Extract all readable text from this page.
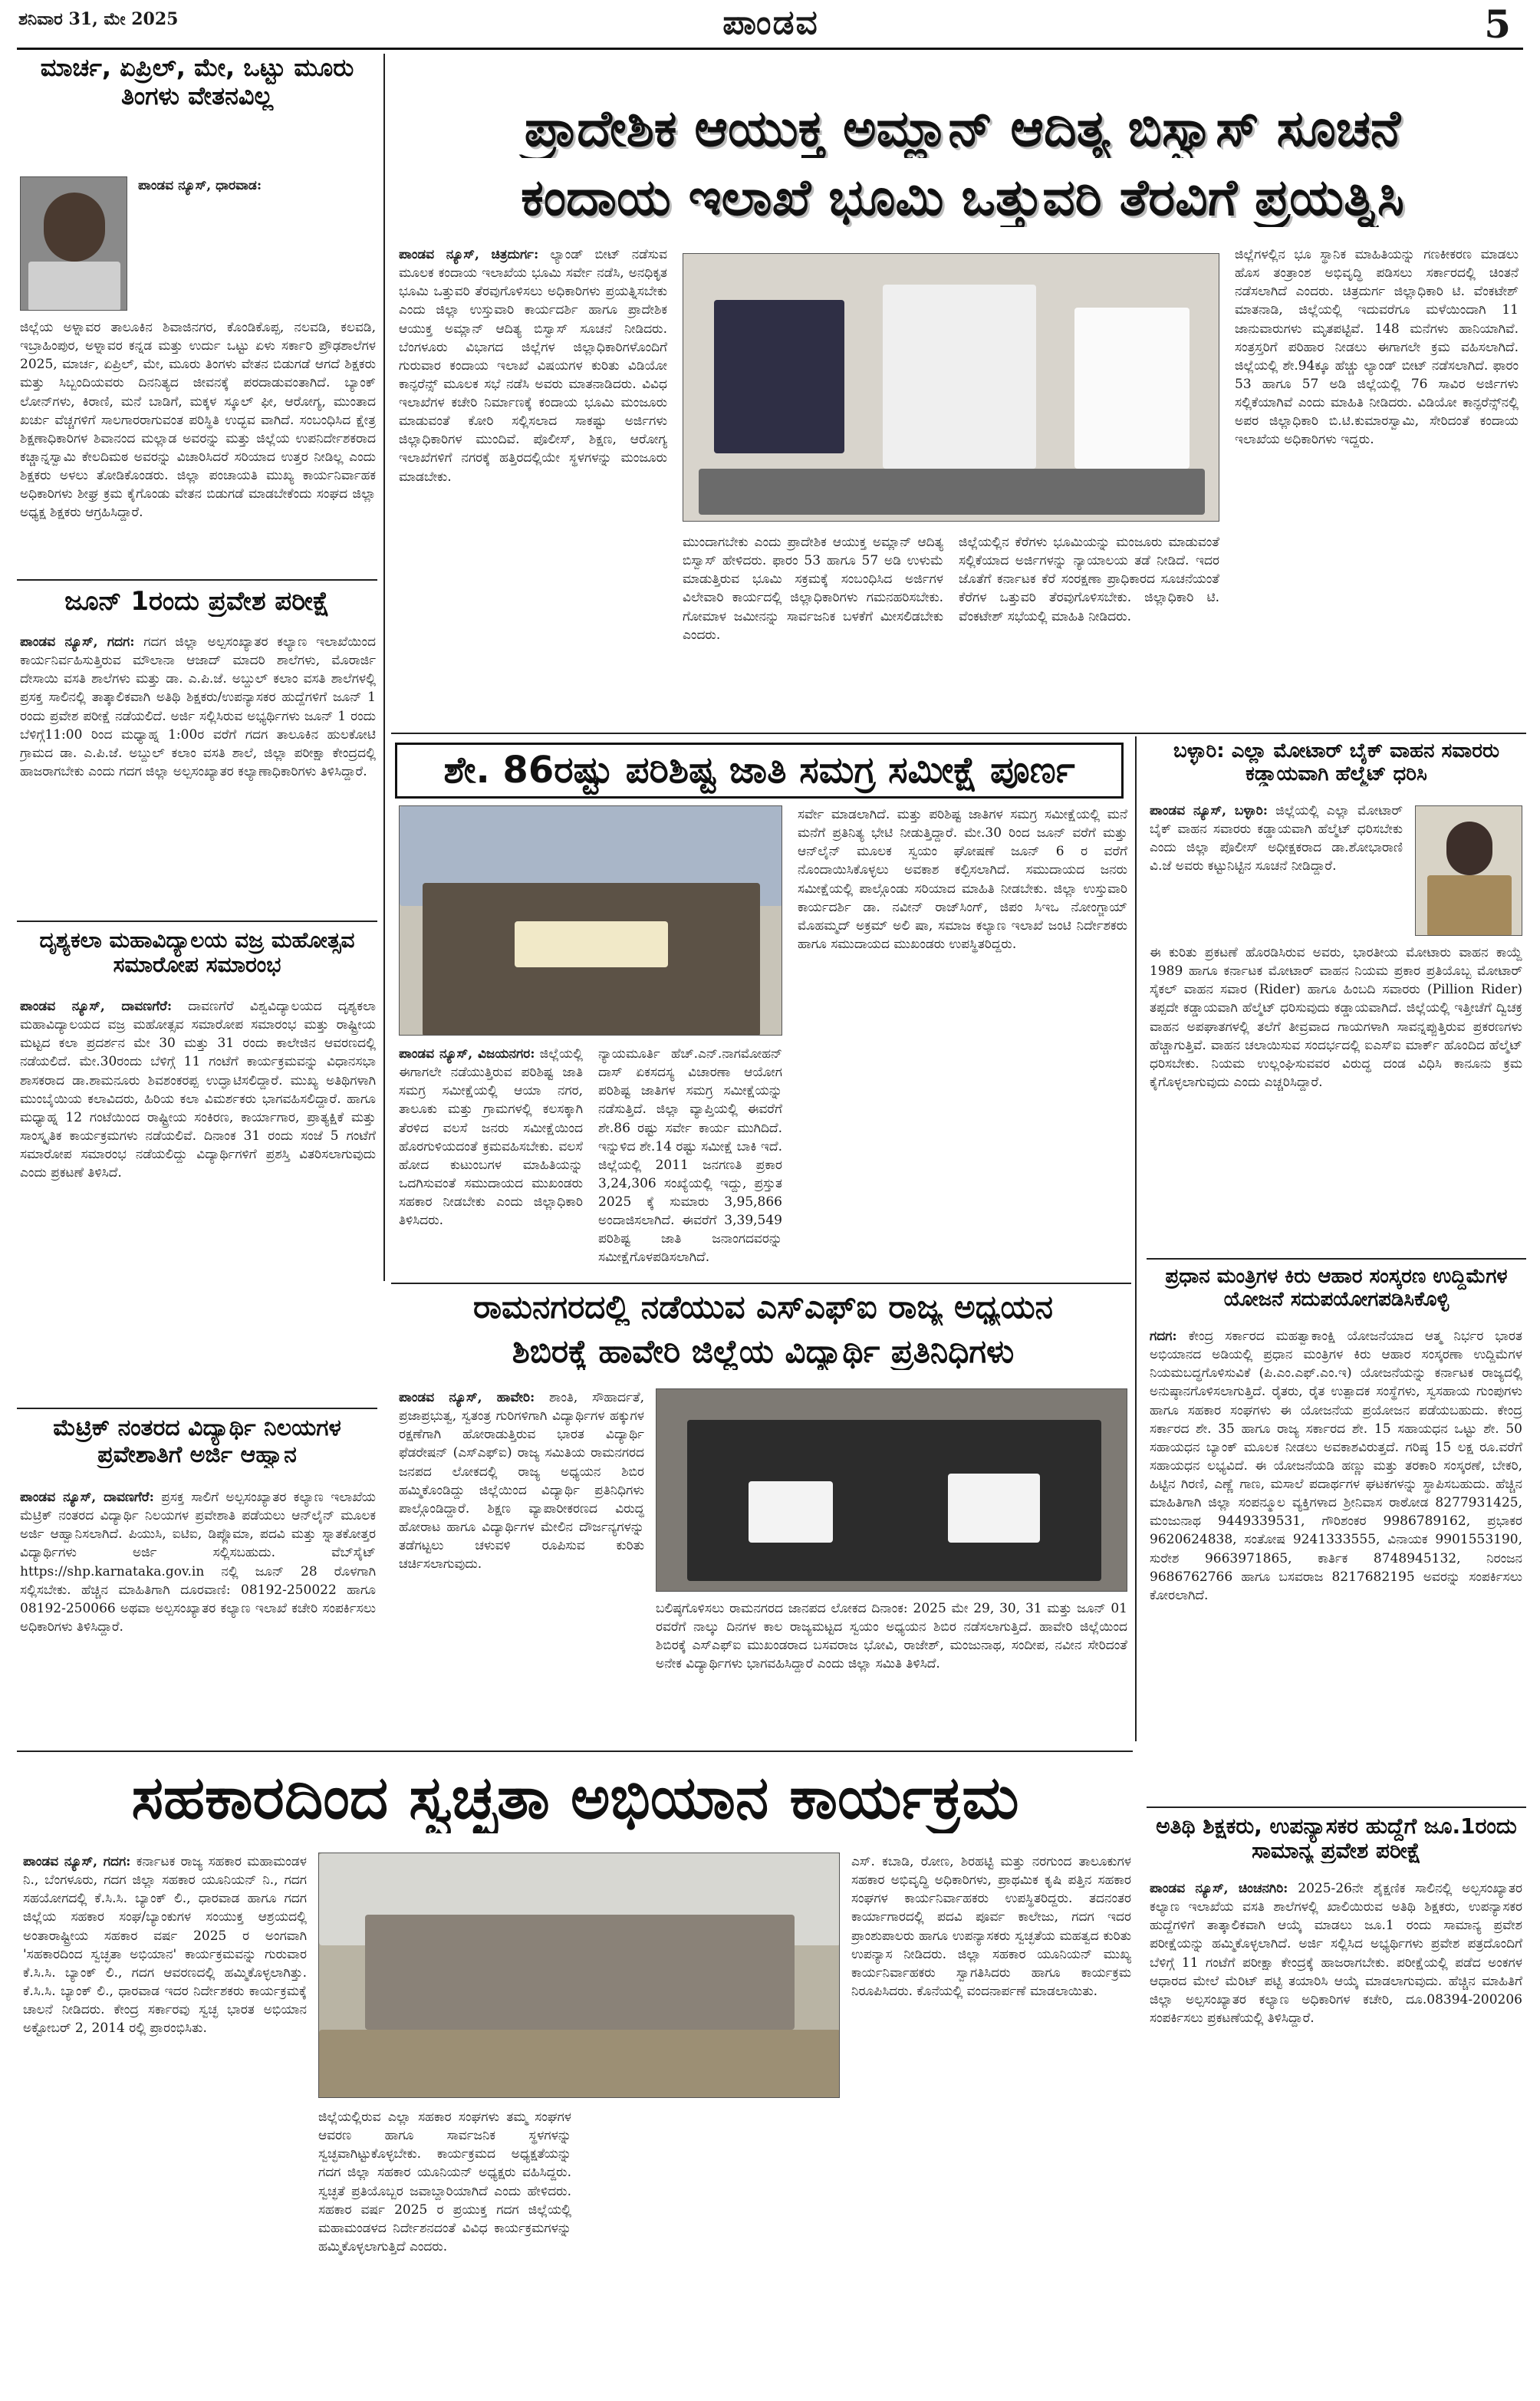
ಶನಿವಾರ 31, ಮೇ 2025	ಪಾಂಡವ	5
ಮಾರ್ಚ, ಏಪ್ರಿಲ್, ಮೇ, ಒಟ್ಟು ಮೂರು ತಿಂಗಳು ವೇತನವಿಲ್ಲ
ಪಾಂಡವ ನ್ಯೂಸ್, ಧಾರವಾಡ:
ಜಿಲ್ಲೆಯ ಅಳ್ನಾವರ ತಾಲೂಕಿನ ಶಿವಾಜಿನಗರ, ಕೊಂಡಿಕೊಪ್ಪ, ನಲವಡಿ, ಕಲವಡಿ, ಇಬ್ರಾಹಿಂಪುರ, ಅಳ್ನಾವರ ಕನ್ನಡ ಮತ್ತು ಉರ್ದು ಒಟ್ಟು ಏಳು ಸರ್ಕಾರಿ ಪ್ರೌಢಶಾಲೆಗಳ 2025, ಮಾರ್ಚ, ಏಪ್ರಿಲ್, ಮೇ, ಮೂರು ತಿಂಗಳು ವೇತನ ಬಿಡುಗಡೆ ಆಗದೆ ಶಿಕ್ಷಕರು ಮತ್ತು ಸಿಬ್ಬಂದಿಯವರು ದಿನನಿತ್ಯದ ಜೀವನಕ್ಕೆ ಪರದಾಡುವಂತಾಗಿದೆ. ಬ್ಯಾಂಕ್ ಲೋನ್‌ಗಳು, ಕಿರಾಣಿ, ಮನೆ ಬಾಡಿಗೆ, ಮಕ್ಕಳ ಸ್ಕೂಲ್ ಫೀ, ಆರೋಗ್ಯ, ಮುಂತಾದ ಖರ್ಚು ವೆಚ್ಚಗಳಿಗೆ ಸಾಲಗಾರರಾಗುವಂತ ಪರಿಸ್ಥಿತಿ ಉದ್ಭವ ವಾಗಿದೆ. ಸಂಬಂಧಿಸಿದ ಕ್ಷೇತ್ರ ಶಿಕ್ಷಣಾಧಿಕಾರಿಗಳ ಶಿವಾನಂದ ಮಲ್ಲಾಡ ಅವರನ್ನು ಮತ್ತು ಜಿಲ್ಲೆಯ ಉಪನಿರ್ದೇಶಕರಾದ ಕಚ್ಚಾನ್ನಸ್ವಾಮಿ ಕೇಲದಿಮಠ ಅವರನ್ನು ವಿಚಾರಿಸಿದರೆ ಸರಿಯಾದ ಉತ್ತರ ನೀಡಿಲ್ಲ ಎಂದು ಶಿಕ್ಷಕರು ಅಳಲು ತೋಡಿಕೊಂಡರು. ಜಿಲ್ಲಾ ಪಂಚಾಯತಿ ಮುಖ್ಯ ಕಾರ್ಯನಿರ್ವಾಹಕ ಅಧಿಕಾರಿಗಳು ಶೀಘ್ರ ಕ್ರಮ ಕೈಗೊಂಡು ವೇತನ ಬಿಡುಗಡೆ ಮಾಡಬೇಕೆಂದು ಸಂಘದ ಜಿಲ್ಲಾ ಅಧ್ಯಕ್ಷ ಶಿಕ್ಷಕರು ಆಗ್ರಹಿಸಿದ್ದಾರೆ.
ಪ್ರಾದೇಶಿಕ ಆಯುಕ್ತ ಅಮ್ಲಾನ್ ಆದಿತ್ಯ ಬಿಸ್ವಾಸ್ ಸೂಚನೆ
ಕಂದಾಯ ಇಲಾಖೆ ಭೂಮಿ ಒತ್ತುವರಿ ತೆರವಿಗೆ ಪ್ರಯತ್ನಿಸಿ
ಪಾಂಡವ ನ್ಯೂಸ್, ಚಿತ್ರದುರ್ಗ: ಲ್ಯಾಂಡ್ ಬೀಟ್ ನಡೆಸುವ ಮೂಲಕ ಕಂದಾಯ ಇಲಾಖೆಯ ಭೂಮಿ ಸರ್ವೇ ನಡೆಸಿ, ಅನಧಿಕೃತ ಭೂಮಿ ಒತ್ತುವರಿ ತೆರವುಗೊಳಿಸಲು ಅಧಿಕಾರಿಗಳು ಪ್ರಯತ್ನಿಸಬೇಕು ಎಂದು ಜಿಲ್ಲಾ ಉಸ್ತುವಾರಿ ಕಾರ್ಯದರ್ಶಿ ಹಾಗೂ ಪ್ರಾದೇಶಿಕ ಆಯುಕ್ತ ಅಮ್ಲಾನ್ ಆದಿತ್ಯ ಬಿಸ್ವಾಸ್ ಸೂಚನೆ ನೀಡಿದರು. ಬೆಂಗಳೂರು ವಿಭಾಗದ ಜಿಲ್ಲೆಗಳ ಜಿಲ್ಲಾಧಿಕಾರಿಗಳೊಂದಿಗೆ ಗುರುವಾರ ಕಂದಾಯ ಇಲಾಖೆ ವಿಷಯಗಳ ಕುರಿತು ವಿಡಿಯೋ ಕಾನ್ಫರೆನ್ಸ್ ಮೂಲಕ ಸಭೆ ನಡೆಸಿ ಅವರು ಮಾತನಾಡಿದರು. ವಿವಿಧ ಇಲಾಖೆಗಳ ಕಚೇರಿ ನಿರ್ಮಾಣಕ್ಕೆ ಕಂದಾಯ ಭೂಮಿ ಮಂಜೂರು ಮಾಡುವಂತೆ ಕೋರಿ ಸಲ್ಲಿಸಲಾದ ಸಾಕಷ್ಟು ಅರ್ಜಿಗಳು ಜಿಲ್ಲಾಧಿಕಾರಿಗಳ ಮುಂದಿವೆ. ಪೊಲೀಸ್, ಶಿಕ್ಷಣ, ಆರೋಗ್ಯ ಇಲಾಖೆಗಳಿಗೆ ನಗರಕ್ಕೆ ಹತ್ತಿರದಲ್ಲಿಯೇ ಸ್ಥಳಗಳನ್ನು ಮಂಜೂರು ಮಾಡಬೇಕು.
ಮುಂದಾಗಬೇಕು ಎಂದು ಪ್ರಾದೇಶಿಕ ಆಯುಕ್ತ ಅಮ್ಲಾನ್ ಆದಿತ್ಯ ಬಿಸ್ವಾಸ್ ಹೇಳಿದರು. ಫಾರಂ 53 ಹಾಗೂ 57 ಅಡಿ ಉಳುಮೆ ಮಾಡುತ್ತಿರುವ ಭೂಮಿ ಸಕ್ರಮಕ್ಕೆ ಸಂಬಂಧಿಸಿದ ಅರ್ಜಿಗಳ ವಿಲೇವಾರಿ ಕಾರ್ಯದಲ್ಲಿ ಜಿಲ್ಲಾಧಿಕಾರಿಗಳು ಗಮನಹರಿಸಬೇಕು. ಗೋಮಾಳ ಜಮೀನನ್ನು ಸಾರ್ವಜನಿಕ ಬಳಕೆಗೆ ಮೀಸಲಿಡಬೇಕು ಎಂದರು.
ಜಿಲ್ಲೆಯಲ್ಲಿನ ಕೆರೆಗಳು ಭೂಮಿಯನ್ನು ಮಂಜೂರು ಮಾಡುವಂತೆ ಸಲ್ಲಿಕೆಯಾದ ಅರ್ಜಿಗಳನ್ನು ನ್ಯಾಯಾಲಯ ತಡೆ ನೀಡಿದೆ. ಇದರ ಜೊತೆಗೆ ಕರ್ನಾಟಕ ಕೆರೆ ಸಂರಕ್ಷಣಾ ಪ್ರಾಧಿಕಾರದ ಸೂಚನೆಯಂತೆ ಕೆರೆಗಳ ಒತ್ತುವರಿ ತೆರವುಗೊಳಿಸಬೇಕು. ಜಿಲ್ಲಾಧಿಕಾರಿ ಟಿ. ವೆಂಕಟೇಶ್ ಸಭೆಯಲ್ಲಿ ಮಾಹಿತಿ ನೀಡಿದರು.
ಜಿಲ್ಲೆಗಳಲ್ಲಿನ ಭೂ ಸ್ಥಾನಿಕ ಮಾಹಿತಿಯನ್ನು ಗಣಕೀಕರಣ ಮಾಡಲು ಹೊಸ ತಂತ್ರಾಂಶ ಅಭಿವೃದ್ಧಿ ಪಡಿಸಲು ಸರ್ಕಾರದಲ್ಲಿ ಚಿಂತನೆ ನಡೆಸಲಾಗಿದೆ ಎಂದರು. ಚಿತ್ರದುರ್ಗ ಜಿಲ್ಲಾಧಿಕಾರಿ ಟಿ. ವೆಂಕಟೇಶ್ ಮಾತನಾಡಿ, ಜಿಲ್ಲೆಯಲ್ಲಿ ಇದುವರೆಗೂ ಮಳೆಯಿಂದಾಗಿ 11 ಜಾನುವಾರುಗಳು ಮೃತಪಟ್ಟಿವೆ. 148 ಮನೆಗಳು ಹಾನಿಯಾಗಿವೆ. ಸಂತ್ರಸ್ತರಿಗೆ ಪರಿಹಾರ ನೀಡಲು ಈಗಾಗಲೇ ಕ್ರಮ ವಹಿಸಲಾಗಿದೆ. ಜಿಲ್ಲೆಯಲ್ಲಿ ಶೇ.94ಕ್ಕೂ ಹೆಚ್ಚು ಲ್ಯಾಂಡ್ ಬೀಟ್ ನಡೆಸಲಾಗಿದೆ. ಫಾರಂ 53 ಹಾಗೂ 57 ಅಡಿ ಜಿಲ್ಲೆಯಲ್ಲಿ 76 ಸಾವಿರ ಅರ್ಜಿಗಳು ಸಲ್ಲಿಕೆಯಾಗಿವೆ ಎಂದು ಮಾಹಿತಿ ನೀಡಿದರು. ವಿಡಿಯೋ ಕಾನ್ಫರೆನ್ಸ್‌ನಲ್ಲಿ ಅಪರ ಜಿಲ್ಲಾಧಿಕಾರಿ ಬಿ.ಟಿ.ಕುಮಾರಸ್ವಾಮಿ, ಸೇರಿದಂತೆ ಕಂದಾಯ ಇಲಾಖೆಯ ಅಧಿಕಾರಿಗಳು ಇದ್ದರು.
ಜೂನ್ 1ರಂದು ಪ್ರವೇಶ ಪರೀಕ್ಷೆ
ಪಾಂಡವ ನ್ಯೂಸ್, ಗದಗ: ಗದಗ ಜಿಲ್ಲಾ ಅಲ್ಪಸಂಖ್ಯಾತರ ಕಲ್ಯಾಣ ಇಲಾಖೆಯಿಂದ ಕಾರ್ಯನಿರ್ವಹಿಸುತ್ತಿರುವ ಮೌಲಾನಾ ಆಜಾದ್ ಮಾದರಿ ಶಾಲೆಗಳು, ಮೊರಾರ್ಜಿ ದೇಸಾಯಿ ವಸತಿ ಶಾಲೆಗಳು ಮತ್ತು ಡಾ. ಎ.ಪಿ.ಜೆ. ಅಬ್ದುಲ್ ಕಲಾಂ ವಸತಿ ಶಾಲೆಗಳಲ್ಲಿ ಪ್ರಸಕ್ತ ಸಾಲಿನಲ್ಲಿ ತಾತ್ಕಾಲಿಕವಾಗಿ ಅತಿಥಿ ಶಿಕ್ಷಕರು/ಉಪನ್ಯಾಸಕರ ಹುದ್ದೆಗಳಿಗೆ ಜೂನ್ 1 ರಂದು ಪ್ರವೇಶ ಪರೀಕ್ಷೆ ನಡೆಯಲಿದೆ. ಅರ್ಜಿ ಸಲ್ಲಿಸಿರುವ ಅಭ್ಯರ್ಥಿಗಳು ಜೂನ್ 1 ರಂದು ಬೆಳಿಗ್ಗೆ11:00 ರಿಂದ ಮಧ್ಯಾಹ್ನ 1:00ರ ವರೆಗೆ ಗದಗ ತಾಲೂಕಿನ ಹುಲಕೋಟಿ ಗ್ರಾಮದ ಡಾ. ಎ.ಪಿ.ಜೆ. ಅಬ್ದುಲ್ ಕಲಾಂ ವಸತಿ ಶಾಲೆ, ಜಿಲ್ಲಾ ಪರೀಕ್ಷಾ ಕೇಂದ್ರದಲ್ಲಿ ಹಾಜರಾಗಬೇಕು ಎಂದು ಗದಗ ಜಿಲ್ಲಾ ಅಲ್ಪಸಂಖ್ಯಾತರ ಕಲ್ಯಾಣಾಧಿಕಾರಿಗಳು ತಿಳಿಸಿದ್ದಾರೆ.
ದೃಶ್ಯಕಲಾ ಮಹಾವಿದ್ಯಾಲಯ ವಜ್ರ ಮಹೋತ್ಸವ ಸಮಾರೋಪ ಸಮಾರಂಭ
ಪಾಂಡವ ನ್ಯೂಸ್, ದಾವಣಗೆರೆ: ದಾವಣಗೆರೆ ವಿಶ್ವವಿದ್ಯಾಲಯದ ದೃಶ್ಯಕಲಾ ಮಹಾವಿದ್ಯಾಲಯದ ವಜ್ರ ಮಹೋತ್ಸವ ಸಮಾರೋಪ ಸಮಾರಂಭ ಮತ್ತು ರಾಷ್ಟ್ರೀಯ ಮಟ್ಟದ ಕಲಾ ಪ್ರದರ್ಶನ ಮೇ 30 ಮತ್ತು 31 ರಂದು ಕಾಲೇಜಿನ ಆವರಣದಲ್ಲಿ ನಡೆಯಲಿದೆ. ಮೇ.30ರಂದು ಬೆಳಿಗ್ಗೆ 11 ಗಂಟೆಗೆ ಕಾರ್ಯಕ್ರಮವನ್ನು ವಿಧಾನಸಭಾ ಶಾಸಕರಾದ ಡಾ.ಶಾಮನೂರು ಶಿವಶಂಕರಪ್ಪ ಉದ್ಘಾಟಿಸಲಿದ್ದಾರೆ. ಮುಖ್ಯ ಅತಿಥಿಗಳಾಗಿ ಮುಂಬೈಯಿಯ ಕಲಾವಿದರು, ಹಿರಿಯ ಕಲಾ ವಿಮರ್ಶಕರು ಭಾಗವಹಿಸಲಿದ್ದಾರೆ. ಹಾಗೂ ಮಧ್ಯಾಹ್ನ 12 ಗಂಟೆಯಿಂದ ರಾಷ್ಟ್ರೀಯ ಸಂಕಿರಣ, ಕಾರ್ಯಾಗಾರ, ಪ್ರಾತ್ಯಕ್ಷಿಕೆ ಮತ್ತು ಸಾಂಸ್ಕೃತಿಕ ಕಾರ್ಯಕ್ರಮಗಳು ನಡೆಯಲಿವೆ. ದಿನಾಂಕ 31 ರಂದು ಸಂಜೆ 5 ಗಂಟೆಗೆ ಸಮಾರೋಪ ಸಮಾರಂಭ ನಡೆಯಲಿದ್ದು ವಿದ್ಯಾರ್ಥಿಗಳಿಗೆ ಪ್ರಶಸ್ತಿ ವಿತರಿಸಲಾಗುವುದು ಎಂದು ಪ್ರಕಟಣೆ ತಿಳಿಸಿದೆ.
ಮೆಟ್ರಿಕ್ ನಂತರದ ವಿದ್ಯಾರ್ಥಿ ನಿಲಯಗಳ ಪ್ರವೇಶಾತಿಗೆ ಅರ್ಜಿ ಆಹ್ವಾನ
ಪಾಂಡವ ನ್ಯೂಸ್, ದಾವಣಗೆರೆ: ಪ್ರಸಕ್ತ ಸಾಲಿಗೆ ಅಲ್ಪಸಂಖ್ಯಾತರ ಕಲ್ಯಾಣ ಇಲಾಖೆಯ ಮೆಟ್ರಿಕ್ ನಂತರದ ವಿದ್ಯಾರ್ಥಿ ನಿಲಯಗಳ ಪ್ರವೇಶಾತಿ ಪಡೆಯಲು ಆನ್‌ಲೈನ್ ಮೂಲಕ ಅರ್ಜಿ ಆಹ್ವಾನಿಸಲಾಗಿದೆ. ಪಿಯುಸಿ, ಐಟಿಐ, ಡಿಪ್ಲೊಮಾ, ಪದವಿ ಮತ್ತು ಸ್ನಾತಕೋತ್ತರ ವಿದ್ಯಾರ್ಥಿಗಳು ಅರ್ಜಿ ಸಲ್ಲಿಸಬಹುದು. ವೆಬ್‌ಸೈಟ್ https://shp.karnataka.gov.in ನಲ್ಲಿ ಜೂನ್ 28 ರೊಳಗಾಗಿ ಸಲ್ಲಿಸಬೇಕು. ಹೆಚ್ಚಿನ ಮಾಹಿತಿಗಾಗಿ ದೂರವಾಣಿ: 08192-250022 ಹಾಗೂ 08192-250066 ಅಥವಾ ಅಲ್ಪಸಂಖ್ಯಾತರ ಕಲ್ಯಾಣ ಇಲಾಖೆ ಕಚೇರಿ ಸಂಪರ್ಕಿಸಲು ಅಧಿಕಾರಿಗಳು ತಿಳಿಸಿದ್ದಾರೆ.
ಶೇ. 86ರಷ್ಟು ಪರಿಶಿಷ್ಟ ಜಾತಿ ಸಮಗ್ರ ಸಮೀಕ್ಷೆ ಪೂರ್ಣ
ಪಾಂಡವ ನ್ಯೂಸ್, ವಿಜಯನಗರ: ಜಿಲ್ಲೆಯಲ್ಲಿ ಈಗಾಗಲೇ ನಡೆಯುತ್ತಿರುವ ಪರಿಶಿಷ್ಟ ಜಾತಿ ಸಮಗ್ರ ಸಮೀಕ್ಷೆಯಲ್ಲಿ ಆಯಾ ನಗರ, ತಾಲೂಕು ಮತ್ತು ಗ್ರಾಮಗಳಲ್ಲಿ ಕಲಸಕ್ಕಾಗಿ ತೆರಳಿದ ವಲಸೆ ಜನರು ಸಮೀಕ್ಷೆಯಿಂದ ಹೊರಗುಳಿಯದಂತೆ ಕ್ರಮವಹಿಸಬೇಕು. ವಲಸೆ ಹೋದ ಕುಟುಂಬಗಳ ಮಾಹಿತಿಯನ್ನು ಒದಗಿಸುವಂತೆ ಸಮುದಾಯದ ಮುಖಂಡರು ಸಹಕಾರ ನೀಡಬೇಕು ಎಂದು ಜಿಲ್ಲಾಧಿಕಾರಿ ತಿಳಿಸಿದರು.
ನ್ಯಾಯಮೂರ್ತಿ ಹೆಚ್.ಎನ್.ನಾಗಮೋಹನ್ ದಾಸ್ ಏಕಸದಸ್ಯ ವಿಚಾರಣಾ ಆಯೋಗ ಪರಿಶಿಷ್ಟ ಜಾತಿಗಳ ಸಮಗ್ರ ಸಮೀಕ್ಷೆಯನ್ನು ನಡೆಸುತ್ತಿದೆ. ಜಿಲ್ಲಾ ವ್ಯಾಪ್ತಿಯಲ್ಲಿ ಈವರೆಗೆ ಶೇ.86 ರಷ್ಟು ಸರ್ವೇ ಕಾರ್ಯ ಮುಗಿದಿದೆ. ಇನ್ನುಳಿದ ಶೇ.14 ರಷ್ಟು ಸಮೀಕ್ಷೆ ಬಾಕಿ ಇದೆ. ಜಿಲ್ಲೆಯಲ್ಲಿ 2011 ಜನಗಣತಿ ಪ್ರಕಾರ 3,24,306 ಸಂಖ್ಯೆಯಲ್ಲಿ ಇದ್ದು, ಪ್ರಸ್ತುತ 2025 ಕ್ಕೆ ಸುಮಾರು 3,95,866 ಅಂದಾಜಿಸಲಾಗಿದೆ. ಈವರೆಗೆ 3,39,549 ಪರಿಶಿಷ್ಟ ಜಾತಿ ಜನಾಂಗದವರನ್ನು ಸಮೀಕ್ಷೆಗೊಳಪಡಿಸಲಾಗಿದೆ.
ಸರ್ವೇ ಮಾಡಲಾಗಿದೆ. ಮತ್ತು ಪರಿಶಿಷ್ಟ ಜಾತಿಗಳ ಸಮಗ್ರ ಸಮೀಕ್ಷೆಯಲ್ಲಿ ಮನೆ ಮನೆಗೆ ಪ್ರತಿನಿತ್ಯ ಭೇಟಿ ನೀಡುತ್ತಿದ್ದಾರೆ. ಮೇ.30 ರಿಂದ ಜೂನ್ ವರೆಗೆ ಮತ್ತು ಆನ್‌ಲೈನ್ ಮೂಲಕ ಸ್ವಯಂ ಘೋಷಣೆ ಜೂನ್ 6 ರ ವರೆಗೆ ನೊಂದಾಯಿಸಿಕೊಳ್ಳಲು ಅವಕಾಶ ಕಲ್ಪಿಸಲಾಗಿದೆ. ಸಮುದಾಯದ ಜನರು ಸಮೀಕ್ಷೆಯಲ್ಲಿ ಪಾಲ್ಗೊಂಡು ಸರಿಯಾದ ಮಾಹಿತಿ ನೀಡಬೇಕು. ಜಿಲ್ಲಾ ಉಸ್ತುವಾರಿ ಕಾರ್ಯದರ್ಶಿ ಡಾ. ನವೀನ್ ರಾಜ್‌ಸಿಂಗ್, ಜಿಪಂ ಸಿಇಒ ನೋಂಗ್ಜಾಯ್ ಮೊಹಮ್ಮದ್ ಅಕ್ರಮ್ ಅಲಿ ಷಾ, ಸಮಾಜ ಕಲ್ಯಾಣ ಇಲಾಖೆ ಜಂಟಿ ನಿರ್ದೇಶಕರು ಹಾಗೂ ಸಮುದಾಯದ ಮುಖಂಡರು ಉಪಸ್ಥಿತರಿದ್ದರು.
ಬಳ್ಳಾರಿ: ಎಲ್ಲಾ ಮೋಟಾರ್ ಬೈಕ್ ವಾಹನ ಸವಾರರು ಕಡ್ಡಾಯವಾಗಿ ಹೆಲ್ಮೆಟ್ ಧರಿಸಿ
ಪಾಂಡವ ನ್ಯೂಸ್, ಬಳ್ಳಾರಿ: ಜಿಲ್ಲೆಯಲ್ಲಿ ಎಲ್ಲಾ ಮೋಟಾರ್ ಬೈಕ್ ವಾಹನ ಸವಾರರು ಕಡ್ಡಾಯವಾಗಿ ಹೆಲ್ಮೆಟ್ ಧರಿಸಬೇಕು ಎಂದು ಜಿಲ್ಲಾ ಪೊಲೀಸ್ ಅಧೀಕ್ಷಕರಾದ ಡಾ.ಶೋಭಾರಾಣಿ ವಿ.ಜೆ ಅವರು ಕಟ್ಟುನಿಟ್ಟಿನ ಸೂಚನೆ ನೀಡಿದ್ದಾರೆ.
ಈ ಕುರಿತು ಪ್ರಕಟಣೆ ಹೊರಡಿಸಿರುವ ಅವರು, ಭಾರತೀಯ ಮೋಟಾರು ವಾಹನ ಕಾಯ್ದೆ 1989 ಹಾಗೂ ಕರ್ನಾಟಕ ಮೋಟಾರ್ ವಾಹನ ನಿಯಮ ಪ್ರಕಾರ ಪ್ರತಿಯೊಬ್ಬ ಮೋಟಾರ್ ಸೈಕಲ್ ವಾಹನ ಸವಾರ (Rider) ಹಾಗೂ ಹಿಂಬದಿ ಸವಾರರು (Pillion Rider) ತಪ್ಪದೇ ಕಡ್ಡಾಯವಾಗಿ ಹೆಲ್ಮೆಟ್ ಧರಿಸುವುದು ಕಡ್ಡಾಯವಾಗಿದೆ. ಜಿಲ್ಲೆಯಲ್ಲಿ ಇತ್ತೀಚೆಗೆ ದ್ವಿಚಕ್ರ ವಾಹನ ಅಪಘಾತಗಳಲ್ಲಿ ತಲೆಗೆ ತೀವ್ರವಾದ ಗಾಯಗಳಾಗಿ ಸಾವನ್ನಪ್ಪುತ್ತಿರುವ ಪ್ರಕರಣಗಳು ಹೆಚ್ಚಾಗುತ್ತಿವೆ. ವಾಹನ ಚಲಾಯಿಸುವ ಸಂದರ್ಭದಲ್ಲಿ ಐಎಸ್‌ಐ ಮಾರ್ಕ್ ಹೊಂದಿದ ಹೆಲ್ಮೆಟ್ ಧರಿಸಬೇಕು. ನಿಯಮ ಉಲ್ಲಂಘಿಸುವವರ ವಿರುದ್ಧ ದಂಡ ವಿಧಿಸಿ ಕಾನೂನು ಕ್ರಮ ಕೈಗೊಳ್ಳಲಾಗುವುದು ಎಂದು ಎಚ್ಚರಿಸಿದ್ದಾರೆ.
ರಾಮನಗರದಲ್ಲಿ ನಡೆಯುವ ಎಸ್ಎಫ್ಐ ರಾಜ್ಯ ಅಧ್ಯಯನ
ಶಿಬಿರಕ್ಕೆ ಹಾವೇರಿ ಜಿಲ್ಲೆಯ ವಿದ್ಯಾರ್ಥಿ ಪ್ರತಿನಿಧಿಗಳು
ಪಾಂಡವ ನ್ಯೂಸ್, ಹಾವೇರಿ: ಶಾಂತಿ, ಸೌಹಾರ್ದತೆ, ಪ್ರಜಾಪ್ರಭುತ್ವ, ಸ್ವತಂತ್ರ ಗುರಿಗಳಿಗಾಗಿ ವಿದ್ಯಾರ್ಥಿಗಳ ಹಕ್ಕುಗಳ ರಕ್ಷಣೆಗಾಗಿ ಹೋರಾಡುತ್ತಿರುವ ಭಾರತ ವಿದ್ಯಾರ್ಥಿ ಫೆಡರೇಷನ್ (ಎಸ್ಎಫ್ಐ) ರಾಜ್ಯ ಸಮಿತಿಯ ರಾಮನಗರದ ಜನಪದ ಲೋಕದಲ್ಲಿ ರಾಜ್ಯ ಅಧ್ಯಯನ ಶಿಬಿರ ಹಮ್ಮಿಕೊಂಡಿದ್ದು ಜಿಲ್ಲೆಯಿಂದ ವಿದ್ಯಾರ್ಥಿ ಪ್ರತಿನಿಧಿಗಳು ಪಾಲ್ಗೊಂಡಿದ್ದಾರೆ. ಶಿಕ್ಷಣ ವ್ಯಾಪಾರೀಕರಣದ ವಿರುದ್ಧ ಹೋರಾಟ ಹಾಗೂ ವಿದ್ಯಾರ್ಥಿಗಳ ಮೇಲಿನ ದೌರ್ಜನ್ಯಗಳನ್ನು ತಡೆಗಟ್ಟಲು ಚಳುವಳಿ ರೂಪಿಸುವ ಕುರಿತು ಚರ್ಚಿಸಲಾಗುವುದು.
ಬಲಿಷ್ಠಗೊಳಿಸಲು ರಾಮನಗರದ ಜಾನಪದ ಲೋಕದ ದಿನಾಂಕ: 2025 ಮೇ 29, 30, 31 ಮತ್ತು ಜೂನ್ 01 ರವರೆಗೆ ನಾಲ್ಕು ದಿನಗಳ ಕಾಲ ರಾಜ್ಯಮಟ್ಟದ ಸ್ವಯಂ ಅಧ್ಯಯನ ಶಿಬಿರ ನಡೆಸಲಾಗುತ್ತಿದೆ. ಹಾವೇರಿ ಜಿಲ್ಲೆಯಿಂದ ಶಿಬಿರಕ್ಕೆ ಎಸ್ಎಫ್ಐ ಮುಖಂಡರಾದ ಬಸವರಾಜ ಭೋವಿ, ರಾಜೇಶ್, ಮಂಜುನಾಥ, ಸಂದೀಪ, ನವೀನ ಸೇರಿದಂತೆ ಅನೇಕ ವಿದ್ಯಾರ್ಥಿಗಳು ಭಾಗವಹಿಸಿದ್ದಾರೆ ಎಂದು ಜಿಲ್ಲಾ ಸಮಿತಿ ತಿಳಿಸಿದೆ.
ಪ್ರಧಾನ ಮಂತ್ರಿಗಳ ಕಿರು ಆಹಾರ ಸಂಸ್ಕರಣ ಉದ್ದಿಮೆಗಳ ಯೋಜನೆ ಸದುಪಯೋಗಪಡಿಸಿಕೊಳ್ಳಿ
ಗದಗ: ಕೇಂದ್ರ ಸರ್ಕಾರದ ಮಹತ್ವಾಕಾಂಕ್ಷಿ ಯೋಜನೆಯಾದ ಆತ್ಮ ನಿರ್ಭರ ಭಾರತ ಅಭಿಯಾನದ ಅಡಿಯಲ್ಲಿ ಪ್ರಧಾನ ಮಂತ್ರಿಗಳ ಕಿರು ಆಹಾರ ಸಂಸ್ಕರಣಾ ಉದ್ದಿಮೆಗಳ ನಿಯಮಬದ್ಧಗೊಳಿಸುವಿಕೆ (ಪಿ.ಎಂ.ಎಫ್.ಎಂ.ಇ) ಯೋಜನೆಯನ್ನು ಕರ್ನಾಟಕ ರಾಜ್ಯದಲ್ಲಿ ಅನುಷ್ಠಾನಗೊಳಿಸಲಾಗುತ್ತಿದೆ. ರೈತರು, ರೈತ ಉತ್ಪಾದಕ ಸಂಸ್ಥೆಗಳು, ಸ್ವಸಹಾಯ ಗುಂಪುಗಳು ಹಾಗೂ ಸಹಕಾರ ಸಂಘಗಳು ಈ ಯೋಜನೆಯ ಪ್ರಯೋಜನ ಪಡೆಯಬಹುದು. ಕೇಂದ್ರ ಸರ್ಕಾರದ ಶೇ. 35 ಹಾಗೂ ರಾಜ್ಯ ಸರ್ಕಾರದ ಶೇ. 15 ಸಹಾಯಧನ ಒಟ್ಟು ಶೇ. 50 ಸಹಾಯಧನ ಬ್ಯಾಂಕ್ ಮೂಲಕ ನೀಡಲು ಅವಕಾಶವಿರುತ್ತದೆ. ಗರಿಷ್ಠ 15 ಲಕ್ಷ ರೂ.ವರೆಗೆ ಸಹಾಯಧನ ಲಭ್ಯವಿದೆ. ಈ ಯೋಜನೆಯಡಿ ಹಣ್ಣು ಮತ್ತು ತರಕಾರಿ ಸಂಸ್ಕರಣೆ, ಬೇಕರಿ, ಹಿಟ್ಟಿನ ಗಿರಣಿ, ಎಣ್ಣೆ ಗಾಣ, ಮಸಾಲೆ ಪದಾರ್ಥಗಳ ಘಟಕಗಳನ್ನು ಸ್ಥಾಪಿಸಬಹುದು. ಹೆಚ್ಚಿನ ಮಾಹಿತಿಗಾಗಿ ಜಿಲ್ಲಾ ಸಂಪನ್ಮೂಲ ವ್ಯಕ್ತಿಗಳಾದ ಶ್ರೀನಿವಾಸ ರಾಠೋಡ 8277931425, ಮಂಜುನಾಥ 9449339531, ಗೌರಿಶಂಕರ 9986789162, ಪ್ರಭಾಕರ 9620624838, ಸಂತೋಷ 9241333555, ವಿನಾಯಕ 9901553190, ಸುರೇಶ 9663971865, ಕಾರ್ತಿಕ 8748945132, ನಿರಂಜನ 9686762766 ಹಾಗೂ ಬಸವರಾಜ 8217682195 ಅವರನ್ನು ಸಂಪರ್ಕಿಸಲು ಕೋರಲಾಗಿದೆ.
ಸಹಕಾರದಿಂದ ಸ್ವಚ್ಛತಾ ಅಭಿಯಾನ ಕಾರ್ಯಕ್ರಮ
ಪಾಂಡವ ನ್ಯೂಸ್, ಗದಗ: ಕರ್ನಾಟಕ ರಾಜ್ಯ ಸಹಕಾರ ಮಹಾಮಂಡಳ ನಿ., ಬೆಂಗಳೂರು, ಗದಗ ಜಿಲ್ಲಾ ಸಹಕಾರ ಯೂನಿಯನ್ ನಿ., ಗದಗ ಸಹಯೋಗದಲ್ಲಿ ಕೆ.ಸಿ.ಸಿ. ಬ್ಯಾಂಕ್ ಲಿ., ಧಾರವಾಡ ಹಾಗೂ ಗದಗ ಜಿಲ್ಲೆಯ ಸಹಕಾರ ಸಂಘ/ಬ್ಯಾಂಕುಗಳ ಸಂಯುಕ್ತ ಆಶ್ರಯದಲ್ಲಿ ಅಂತಾರಾಷ್ಟ್ರೀಯ ಸಹಕಾರ ವರ್ಷ 2025 ರ ಅಂಗವಾಗಿ 'ಸಹಕಾರದಿಂದ ಸ್ವಚ್ಛತಾ ಅಭಿಯಾನ' ಕಾರ್ಯಕ್ರಮವನ್ನು ಗುರುವಾರ ಕೆ.ಸಿ.ಸಿ. ಬ್ಯಾಂಕ್ ಲಿ., ಗದಗ ಆವರಣದಲ್ಲಿ ಹಮ್ಮಿಕೊಳ್ಳಲಾಗಿತ್ತು. ಕೆ.ಸಿ.ಸಿ. ಬ್ಯಾಂಕ್ ಲಿ., ಧಾರವಾಡ ಇದರ ನಿರ್ದೇಶಕರು ಕಾರ್ಯಕ್ರಮಕ್ಕೆ ಚಾಲನೆ ನೀಡಿದರು. ಕೇಂದ್ರ ಸರ್ಕಾರವು ಸ್ವಚ್ಛ ಭಾರತ ಅಭಿಯಾನ ಅಕ್ಟೋಬರ್ 2, 2014 ರಲ್ಲಿ ಪ್ರಾರಂಭಿಸಿತು.
ಜಿಲ್ಲೆಯಲ್ಲಿರುವ ಎಲ್ಲಾ ಸಹಕಾರ ಸಂಘಗಳು ತಮ್ಮ ಸಂಘಗಳ ಆವರಣ ಹಾಗೂ ಸಾರ್ವಜನಿಕ ಸ್ಥಳಗಳನ್ನು ಸ್ವಚ್ಛವಾಗಿಟ್ಟುಕೊಳ್ಳಬೇಕು. ಕಾರ್ಯಕ್ರಮದ ಅಧ್ಯಕ್ಷತೆಯನ್ನು ಗದಗ ಜಿಲ್ಲಾ ಸಹಕಾರ ಯೂನಿಯನ್ ಅಧ್ಯಕ್ಷರು ವಹಿಸಿದ್ದರು. ಸ್ವಚ್ಛತೆ ಪ್ರತಿಯೊಬ್ಬರ ಜವಾಬ್ದಾರಿಯಾಗಿದೆ ಎಂದು ಹೇಳಿದರು. ಸಹಕಾರ ವರ್ಷ 2025 ರ ಪ್ರಯುಕ್ತ ಗದಗ ಜಿಲ್ಲೆಯಲ್ಲಿ ಮಹಾಮಂಡಳದ ನಿರ್ದೇಶನದಂತೆ ವಿವಿಧ ಕಾರ್ಯಕ್ರಮಗಳನ್ನು ಹಮ್ಮಿಕೊಳ್ಳಲಾಗುತ್ತಿದೆ ಎಂದರು.
ಎಸ್. ಕಬಾಡಿ, ರೋಣ, ಶಿರಹಟ್ಟಿ ಮತ್ತು ನರಗುಂದ ತಾಲೂಕುಗಳ ಸಹಕಾರ ಅಭಿವೃದ್ಧಿ ಅಧಿಕಾರಿಗಳು, ಪ್ರಾಥಮಿಕ ಕೃಷಿ ಪತ್ತಿನ ಸಹಕಾರ ಸಂಘಗಳ ಕಾರ್ಯನಿರ್ವಾಹಕರು ಉಪಸ್ಥಿತರಿದ್ದರು. ತದನಂತರ ಕಾರ್ಯಾಗಾರದಲ್ಲಿ ಪದವಿ ಪೂರ್ವ ಕಾಲೇಜು, ಗದಗ ಇದರ ಪ್ರಾಂಶುಪಾಲರು ಹಾಗೂ ಉಪನ್ಯಾಸಕರು ಸ್ವಚ್ಛತೆಯ ಮಹತ್ವದ ಕುರಿತು ಉಪನ್ಯಾಸ ನೀಡಿದರು. ಜಿಲ್ಲಾ ಸಹಕಾರ ಯೂನಿಯನ್ ಮುಖ್ಯ ಕಾರ್ಯನಿರ್ವಾಹಕರು ಸ್ವಾಗತಿಸಿದರು ಹಾಗೂ ಕಾರ್ಯಕ್ರಮ ನಿರೂಪಿಸಿದರು. ಕೊನೆಯಲ್ಲಿ ವಂದನಾರ್ಪಣೆ ಮಾಡಲಾಯಿತು.
ಅತಿಥಿ ಶಿಕ್ಷಕರು, ಉಪನ್ಯಾಸಕರ ಹುದ್ದೆಗೆ ಜೂ.1ರಂದು ಸಾಮಾನ್ಯ ಪ್ರವೇಶ ಪರೀಕ್ಷೆ
ಪಾಂಡವ ನ್ಯೂಸ್, ಚಿಂಚನಗಿರಿ: 2025-26ನೇ ಶೈಕ್ಷಣಿಕ ಸಾಲಿನಲ್ಲಿ ಅಲ್ಪಸಂಖ್ಯಾತರ ಕಲ್ಯಾಣ ಇಲಾಖೆಯ ವಸತಿ ಶಾಲೆಗಳಲ್ಲಿ ಖಾಲಿಯಿರುವ ಅತಿಥಿ ಶಿಕ್ಷಕರು, ಉಪನ್ಯಾಸಕರ ಹುದ್ದೆಗಳಿಗೆ ತಾತ್ಕಾಲಿಕವಾಗಿ ಆಯ್ಕೆ ಮಾಡಲು ಜೂ.1 ರಂದು ಸಾಮಾನ್ಯ ಪ್ರವೇಶ ಪರೀಕ್ಷೆಯನ್ನು ಹಮ್ಮಿಕೊಳ್ಳಲಾಗಿದೆ. ಅರ್ಜಿ ಸಲ್ಲಿಸಿದ ಅಭ್ಯರ್ಥಿಗಳು ಪ್ರವೇಶ ಪತ್ರದೊಂದಿಗೆ ಬೆಳಿಗ್ಗೆ 11 ಗಂಟೆಗೆ ಪರೀಕ್ಷಾ ಕೇಂದ್ರಕ್ಕೆ ಹಾಜರಾಗಬೇಕು. ಪರೀಕ್ಷೆಯಲ್ಲಿ ಪಡೆದ ಅಂಕಗಳ ಆಧಾರದ ಮೇಲೆ ಮೆರಿಟ್ ಪಟ್ಟಿ ತಯಾರಿಸಿ ಆಯ್ಕೆ ಮಾಡಲಾಗುವುದು. ಹೆಚ್ಚಿನ ಮಾಹಿತಿಗೆ ಜಿಲ್ಲಾ ಅಲ್ಪಸಂಖ್ಯಾತರ ಕಲ್ಯಾಣ ಅಧಿಕಾರಿಗಳ ಕಚೇರಿ, ದೂ.08394-200206 ಸಂಪರ್ಕಿಸಲು ಪ್ರಕಟಣೆಯಲ್ಲಿ ತಿಳಿಸಿದ್ದಾರೆ.
